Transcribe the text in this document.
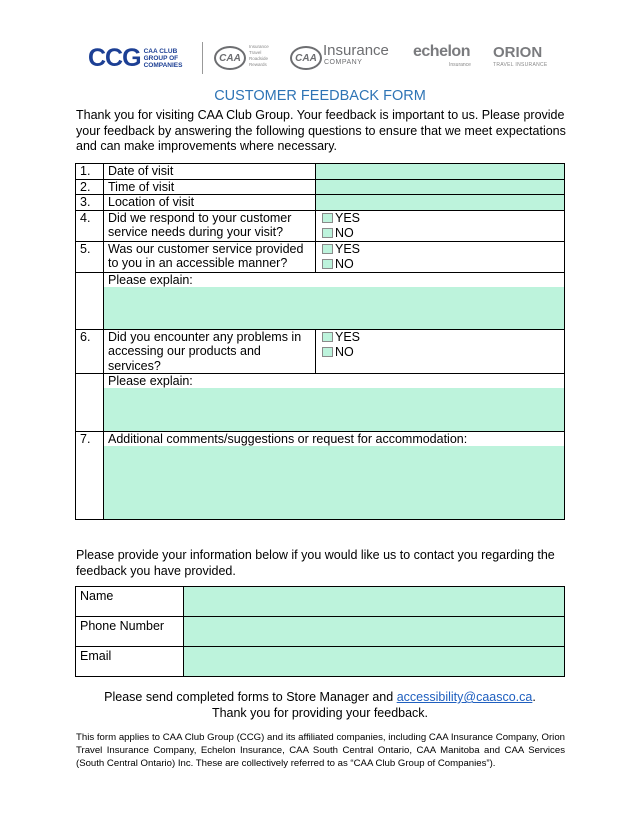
CCG CAA CLUB
GROUP OF
COMPANIES
CAA
Insurance
Travel
Roadside
Rewards
CAA Insurance
COMPANY
echelon
Insurance
ORION
TRAVEL INSURANCE
CUSTOMER FEEDBACK FORM
Thank you for visiting CAA Club Group. Your feedback is important to us. Please provide your feedback by answering the following questions to ensure that we meet expectations and can make improvements where necessary.
1.	Date of visit	
2.	Time of visit	
3.	Location of visit	
4.	Did we respond to your customer service needs during your visit?	YES
NO

5.	Was our customer service provided to you in an accessible manner?	YES
NO

	Please explain:	

6.	Did you encounter any problems in accessing our products and services?	YES
NO

	Please explain:	

7.	Additional comments/suggestions or request for accommodation:	
Please provide your information below if you would like us to contact you regarding the feedback you have provided.
Name	
Phone Number	
Email	
Please send completed forms to Store Manager and accessibility@caasco.ca.
Thank you for providing your feedback.
This form applies to CAA Club Group (CCG) and its affiliated companies, including CAA Insurance Company, Orion Travel Insurance Company, Echelon Insurance, CAA South Central Ontario, CAA Manitoba and CAA Services (South Central Ontario) Inc. These are collectively referred to as “CAA Club Group of Companies”).
